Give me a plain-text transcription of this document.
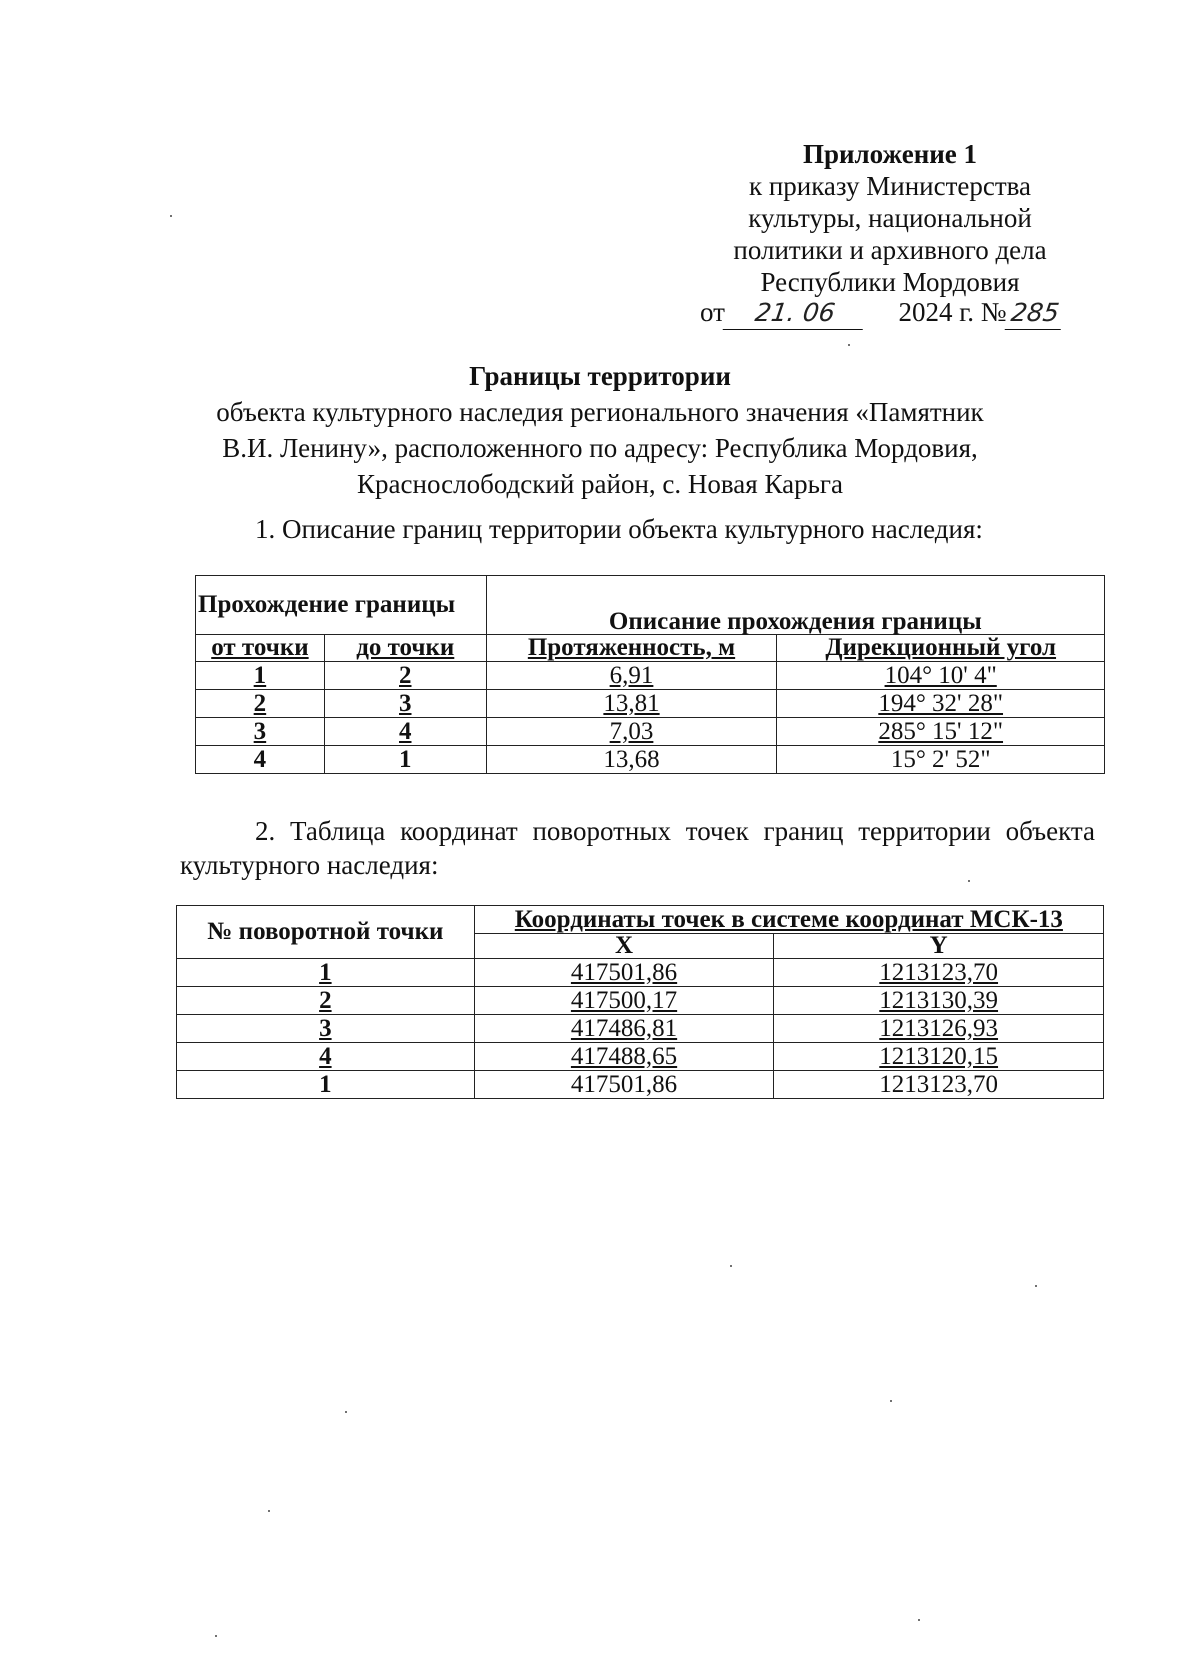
Приложение 1
к приказу Министерства
культуры, национальной
политики и архивного дела
Республики Мордовия
от 21. 06 2024 г. №285
Границы территории
объекта культурного наследия регионального значения «Памятник
В.И. Ленину», расположенного по адресу: Республика Мордовия,
Краснослободский район, с. Новая Карьга
1. Описание границ территории объекта культурного наследия:
Прохождение границы		Описание прохождения границы	
от точки	до точки	Протяженность, м	Дирекционный угол
1	2	6,91	104° 10' 4"
2	3	13,81	194° 32' 28"
3	4	7,03	285° 15' 12"
4	1	13,68	15° 2' 52"
2. Таблица координат поворотных точек границ территории объекта культурного наследия:
№ поворотной точки	Координаты точек в системе координат МСК-13	
	X	Y
1	417501,86	1213123,70
2	417500,17	1213130,39
3	417486,81	1213126,93
4	417488,65	1213120,15
1	417501,86	1213123,70
